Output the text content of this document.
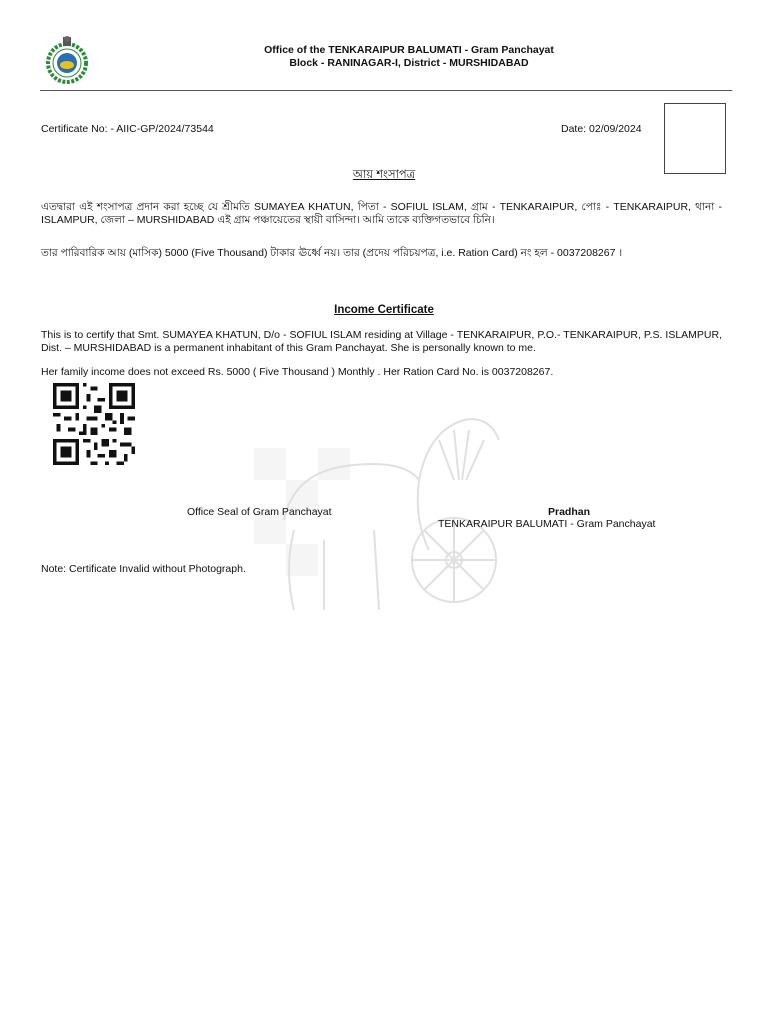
Office of the TENKARAIPUR BALUMATI - Gram Panchayat
Block - RANINAGAR-I, District - MURSHIDABAD
Certificate No: - AIIC-GP/2024/73544	Date: 02/09/2024
আয় শংসাপত্র
এতদ্বারা এই শংসাপত্র প্রদান করা হচ্ছে যে শ্রীমতি SUMAYEA KHATUN, পিতা - SOFIUL ISLAM, গ্রাম - TENKARAIPUR, পোঃ - TENKARAIPUR, থানা - ISLAMPUR, জেলা – MURSHIDABAD এই গ্রাম পঞ্চায়েতের স্থায়ী বাসিন্দা। আমি তাকে ব্যক্তিগতভাবে চিনি।
তার পারিবারিক আয় (মাসিক) 5000 (Five Thousand) টাকার ঊর্ধ্বে নয়। তার (প্রদেয় পরিচয়পত্র, i.e. Ration Card) নং হল - 0037208267 ।
Income Certificate
This is to certify that Smt. SUMAYEA KHATUN, D/o - SOFIUL ISLAM residing at Village - TENKARAIPUR, P.O.- TENKARAIPUR, P.S. ISLAMPUR, Dist. – MURSHIDABAD is a permanent inhabitant of this Gram Panchayat. She is personally known to me.
Her family income does not exceed Rs. 5000 ( Five Thousand ) Monthly . Her Ration Card No. is 0037208267.
Office Seal of Gram Panchayat	Pradhan
TENKARAIPUR BALUMATI - Gram Panchayat
Note: Certificate Invalid without Photograph.
